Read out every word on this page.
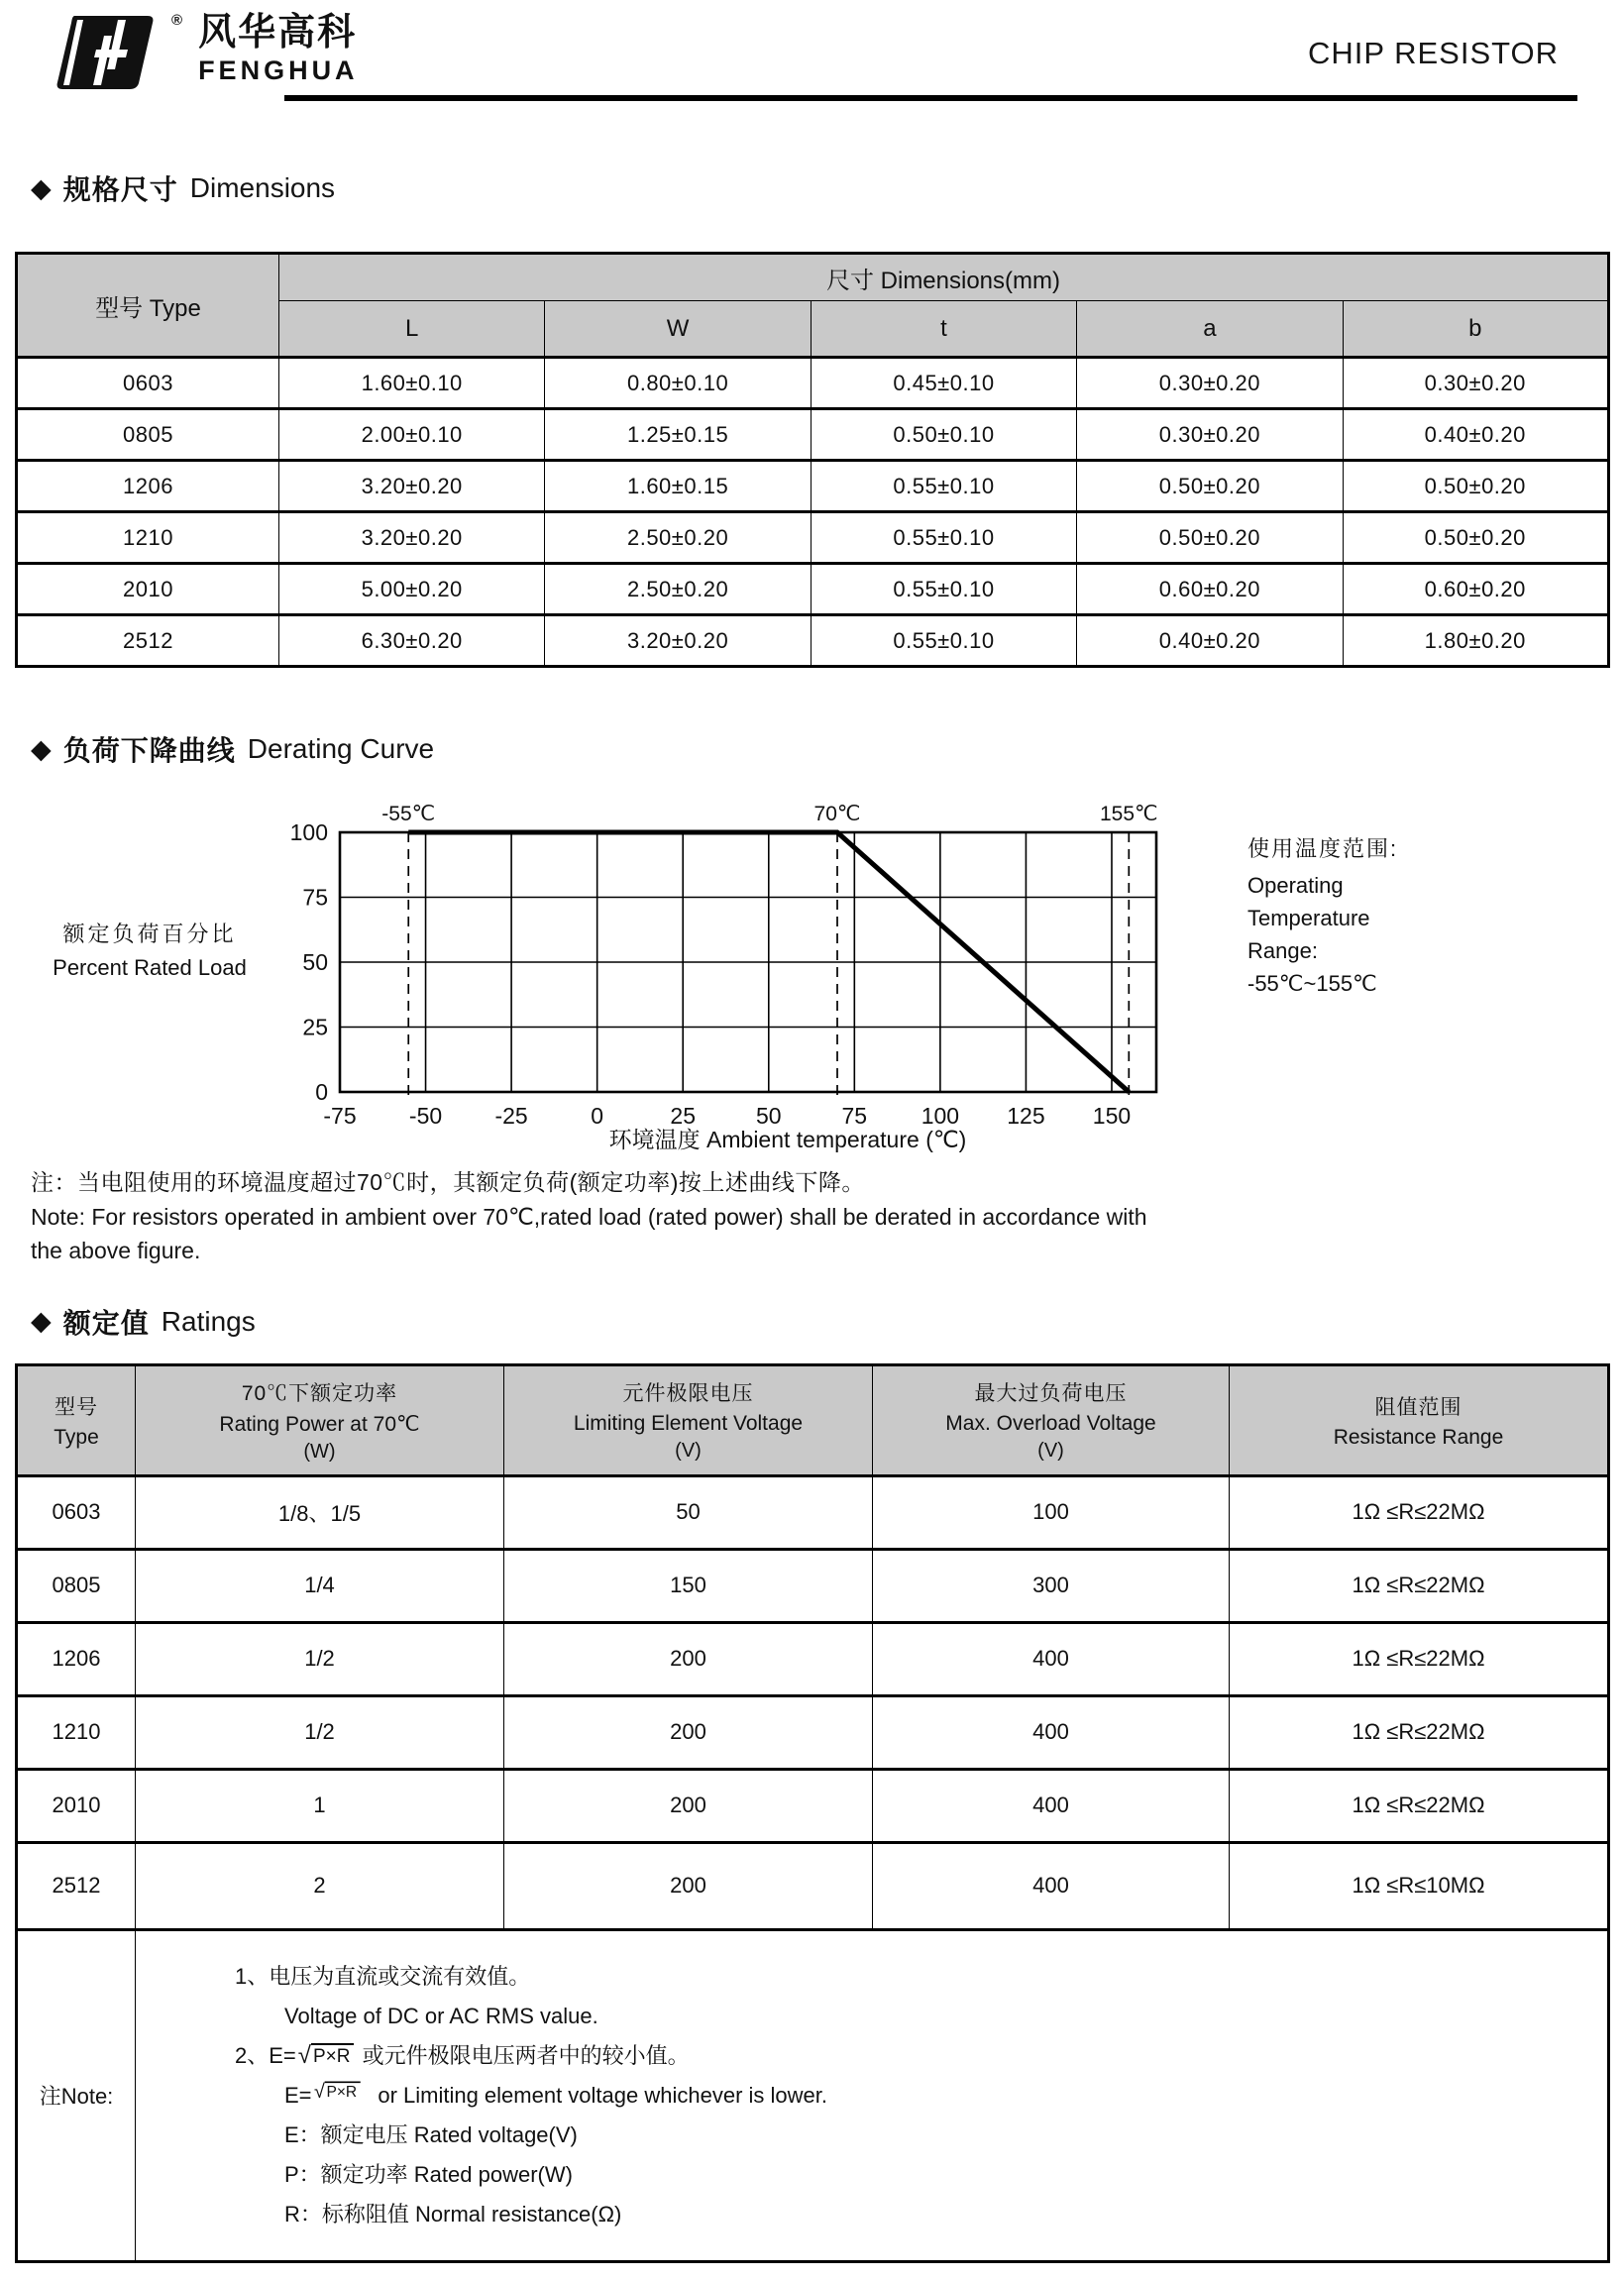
® 风华高科
FENGHUA	CHIP RESISTOR
◆ 规格尺寸 Dimensions
型号 Type	尺寸 Dimensions(mm)				
	L	W	t	a	b
0603	1.60±0.10	0.80±0.10	0.45±0.10	0.30±0.20	0.30±0.20
0805	2.00±0.10	1.25±0.15	0.50±0.10	0.30±0.20	0.40±0.20
1206	3.20±0.20	1.60±0.15	0.55±0.10	0.50±0.20	0.50±0.20
1210	3.20±0.20	2.50±0.20	0.55±0.10	0.50±0.20	0.50±0.20
2010	5.00±0.20	2.50±0.20	0.55±0.10	0.60±0.20	0.60±0.20
2512	6.30±0.20	3.20±0.20	0.55±0.10	0.40±0.20	1.80±0.20
◆ 负荷下降曲线 Derating Curve
额定负荷百分比
Percent Rated Load
-55℃	70℃	155℃
0
25
50
75
100
-75 -50 -25	0	25	50	75 100 125 150
环境温度 Ambient temperature (℃)
使用温度范围:
Operating
Temperature
Range:
-55℃~155℃
注：当电阻使用的环境温度超过70℃时，其额定负荷(额定功率)按上述曲线下降。
Note: For resistors operated in ambient over 70℃,rated load (rated power) shall be derated in accordance with
the above figure.
◆ 额定值 Ratings
型号
Type

70℃下额定功率
Rating Power at 70℃
(W)

元件极限电压
Limiting Element Voltage
(V)

最大过负荷电压
Max. Overload Voltage
(V)

阻值范围
Resistance Range

0603	1/8、1/5	50	100	1Ω ≤R≤22MΩ
0805	1/4	150	300	1Ω ≤R≤22MΩ
1206	1/2	200	400	1Ω ≤R≤22MΩ
1210	1/2	200	400	1Ω ≤R≤22MΩ
2010	1	200	400	1Ω ≤R≤22MΩ
2512	2	200	400	1Ω ≤R≤10MΩ
注Note:	
1、电压为直流或交流有效值。
Voltage of DC or AC RMS value.
2、E= √ P×R 或元件极限电压两者中的较小值。
E= √ P×R or Limiting element voltage whichever is lower.
E：额定电压 Rated voltage(V)
P：额定功率 Rated power(W)
R：标称阻值 Normal resistance(Ω)
